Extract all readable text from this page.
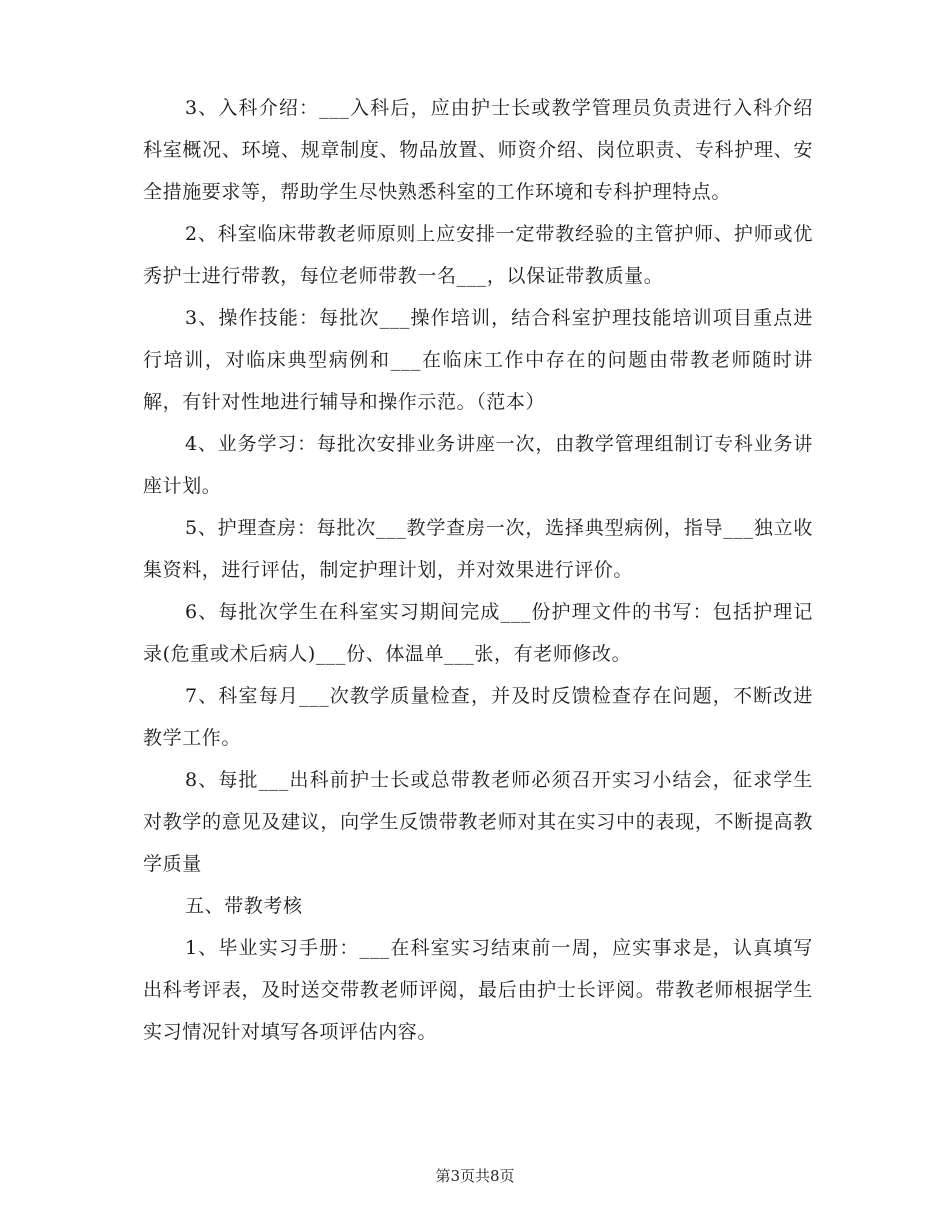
3、入科介绍：___入科后，应由护士长或教学管理员负责进行入科介绍科室概况、环境、规章制度、物品放置、师资介绍、岗位职责、专科护理、安全措施要求等，帮助学生尽快熟悉科室的工作环境和专科护理特点。

2、科室临床带教老师原则上应安排一定带教经验的主管护师、护师或优秀护士进行带教，每位老师带教一名___，以保证带教质量。

3、操作技能：每批次___操作培训，结合科室护理技能培训项目重点进行培训，对临床典型病例和___在临床工作中存在的问题由带教老师随时讲解，有针对性地进行辅导和操作示范。（范本）

4、业务学习：每批次安排业务讲座一次，由教学管理组制订专科业务讲座计划。

5、护理查房：每批次___教学查房一次，选择典型病例，指导___独立收集资料，进行评估，制定护理计划，并对效果进行评价。

6、每批次学生在科室实习期间完成___份护理文件的书写：包括护理记录(危重或术后病人)___份、体温单___张，有老师修改。

7、科室每月___次教学质量检查，并及时反馈检查存在问题，不断改进教学工作。

8、每批___出科前护士长或总带教老师必须召开实习小结会，征求学生对教学的意见及建议，向学生反馈带教老师对其在实习中的表现，不断提高教学质量

五、带教考核

1、毕业实习手册：___在科室实习结束前一周，应实事求是，认真填写出科考评表，及时送交带教老师评阅，最后由护士长评阅。带教老师根据学生实习情况针对填写各项评估内容。

第3页共8页
